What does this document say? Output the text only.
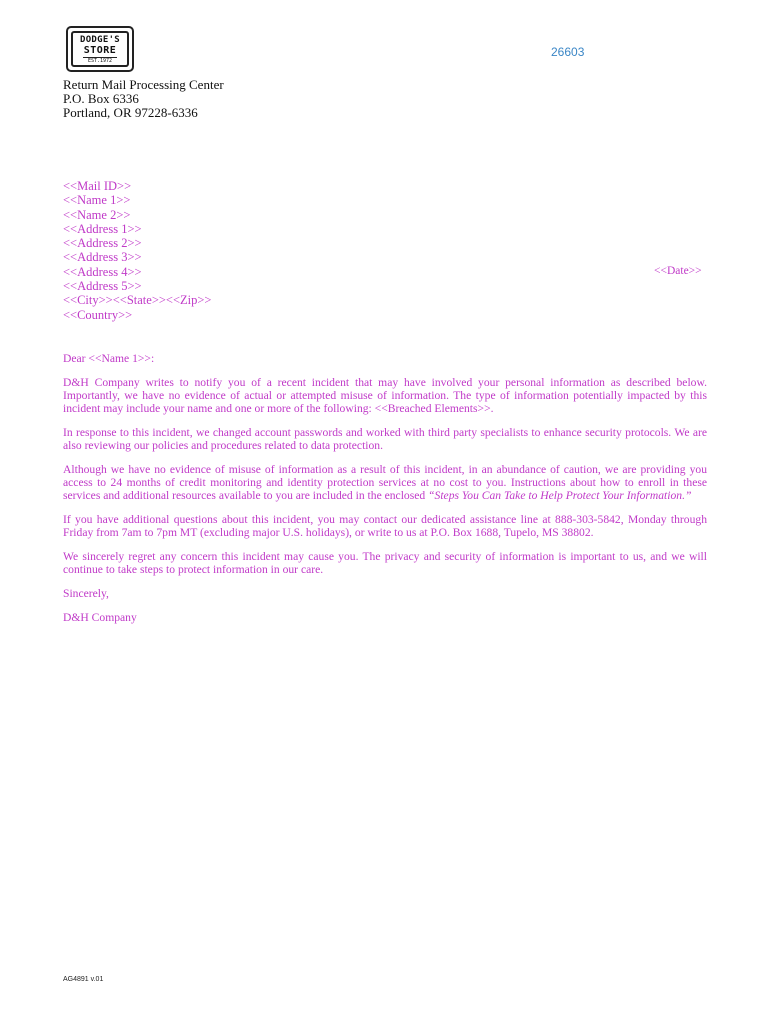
DODGE'S
STORE
EST.1972
26603
Return Mail Processing Center
P.O. Box 6336
Portland, OR 97228-6336
<<Mail ID>>
<<Name 1>>
<<Name 2>>
<<Address 1>>
<<Address 2>>
<<Address 3>>
<<Address 4>>
<<Address 5>>
<<City>><<State>><<Zip>>
<<Country>>
<<Date>>

Dear <<Name 1>>:

D&H Company writes to notify you of a recent incident that may have involved your personal information as described below. Importantly, we have no evidence of actual or attempted misuse of information. The type of information potentially impacted by this incident may include your name and one or more of the following: <<Breached Elements>>.

In response to this incident, we changed account passwords and worked with third party specialists to enhance security protocols. We are also reviewing our policies and procedures related to data protection.

Although we have no evidence of misuse of information as a result of this incident, in an abundance of caution, we are providing you access to 24 months of credit monitoring and identity protection services at no cost to you. Instructions about how to enroll in these services and additional resources available to you are included in the enclosed “Steps You Can Take to Help Protect Your Information.”

If you have additional questions about this incident, you may contact our dedicated assistance line at 888-303-5842, Monday through Friday from 7am to 7pm MT (excluding major U.S. holidays), or write to us at P.O. Box 1688, Tupelo, MS 38802.

We sincerely regret any concern this incident may cause you. The privacy and security of information is important to us, and we will continue to take steps to protect information in our care.

Sincerely,

D&H Company

AG4891 v.01
